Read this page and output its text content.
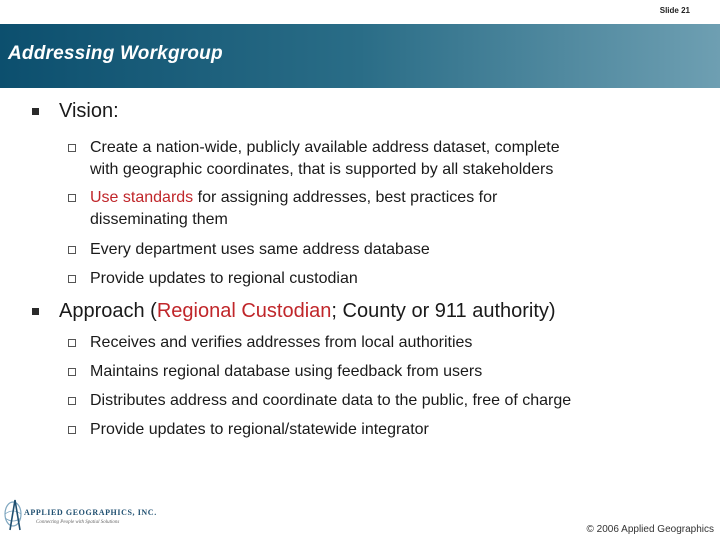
Slide 21
Addressing Workgroup
Vision:
Create a nation-wide, publicly available address dataset, complete
with geographic coordinates, that is supported by all stakeholders
Use standards for assigning addresses, best practices for
disseminating them
Every department uses same address database
Provide updates to regional custodian
Approach (Regional Custodian; County or 911 authority)
Receives and verifies addresses from local authorities
Maintains regional database using feedback from users
Distributes address and coordinate data to the public, free of charge
Provide updates to regional/statewide integrator
APPLIED GEOGRAPHICS, INC.
Connecting People with Spatial Solutions
© 2006 Applied Geographics
